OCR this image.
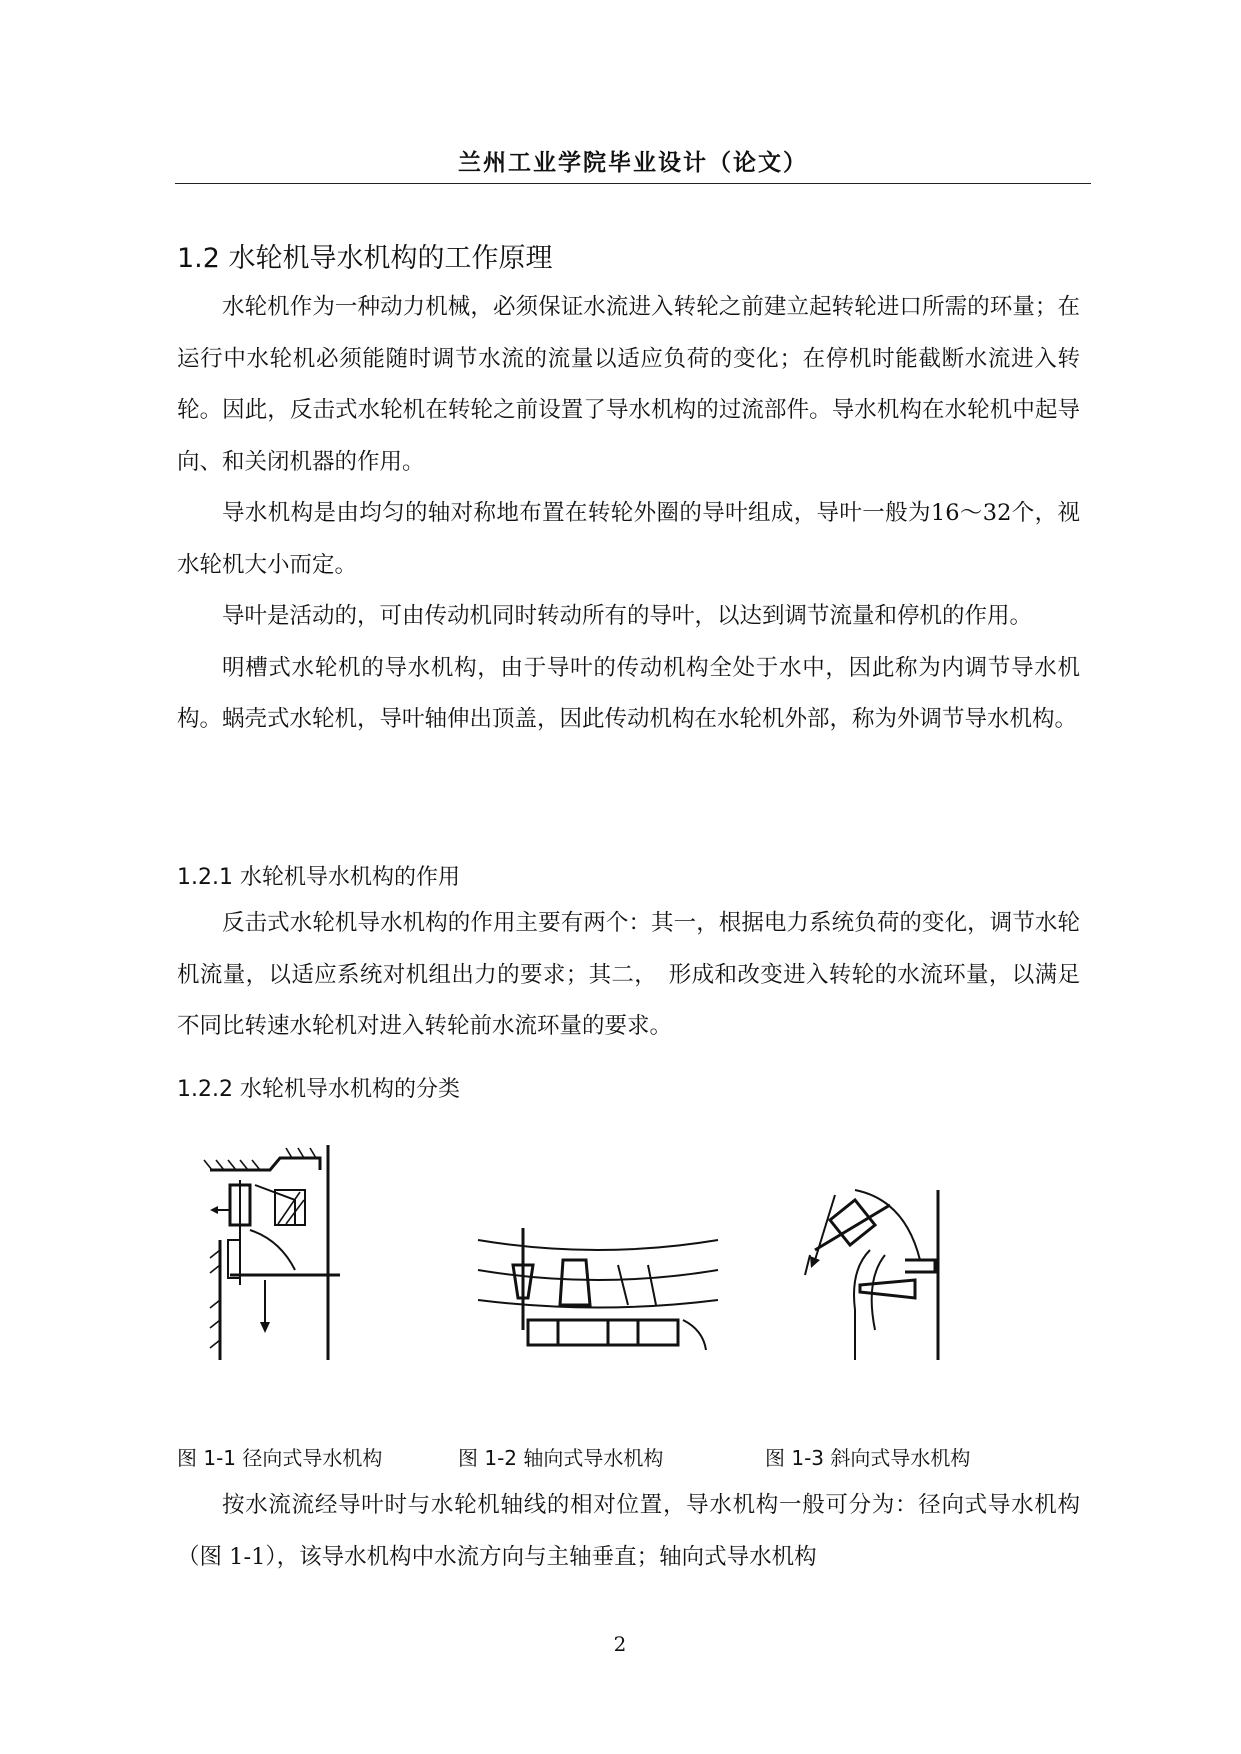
兰州工业学院毕业设计（论文）
1.2 水轮机导水机构的工作原理

水轮机作为一种动力机械，必须保证水流进入转轮之前建立起转轮进口所需的环量；在运行中水轮机必须能随时调节水流的流量以适应负荷的变化；在停机时能截断水流进入转轮。因此，反击式水轮机在转轮之前设置了导水机构的过流部件。导水机构在水轮机中起导向、和关闭机器的作用。

导水机构是由均匀的轴对称地布置在转轮外圈的导叶组成，导叶一般为16～32个，视水轮机大小而定。

导叶是活动的，可由传动机同时转动所有的导叶，以达到调节流量和停机的作用。

明槽式水轮机的导水机构，由于导叶的传动机构全处于水中，因此称为内调节导水机构。蜗壳式水轮机，导叶轴伸出顶盖，因此传动机构在水轮机外部，称为外调节导水机构。

1.2.1 水轮机导水机构的作用

反击式水轮机导水机构的作用主要有两个：其一，根据电力系统负荷的变化，调节水轮机流量，以适应系统对机组出力的要求；其二，　形成和改变进入转轮的水流环量，以满足不同比转速水轮机对进入转轮前水流环量的要求。

1.2.2 水轮机导水机构的分类
图 1-1 径向式导水机构	图 1-2 轴向式导水机构	图 1-3 斜向式导水机构

按水流流经导叶时与水轮机轴线的相对位置，导水机构一般可分为：径向式导水机构（图 1-1），该导水机构中水流方向与主轴垂直；轴向式导水机构

2
